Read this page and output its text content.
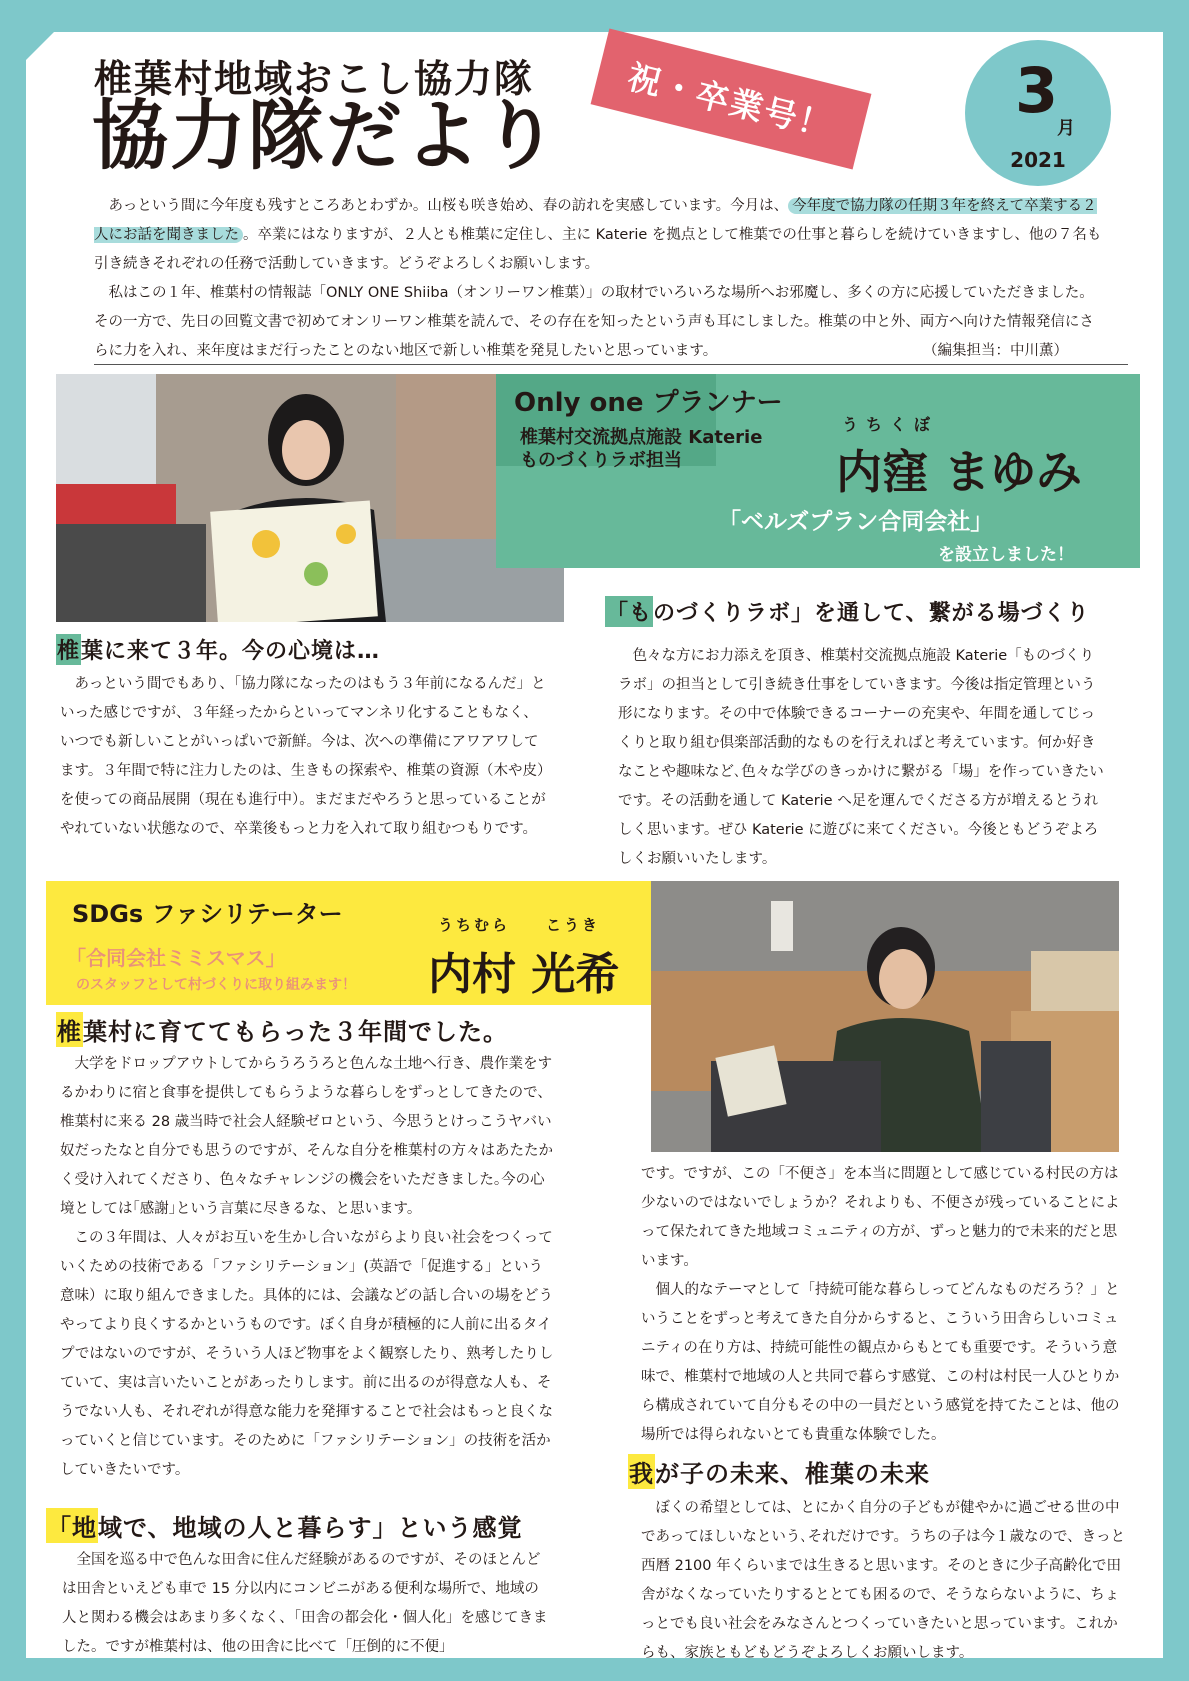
椎葉村地域おこし協力隊
協力隊だより 祝・卒業号！	3
月
2021

あっという間に今年度も残すところあとわずか。山桜も咲き始め、春の訪れを実感しています。今月は、 今年度で協力隊の任期３年を終えて卒業する２人にお話を聞きました 。卒業にはなりますが、２人とも椎葉に定住し、主に Katerie を拠点として椎葉での仕事と暮らしを続けていきますし、他の７名も引き続きそれぞれの任務で活動していきます。どうぞよろしくお願いします。

私はこの１年、椎葉村の情報誌「ONLY ONE Shiiba（オンリーワン椎葉）」の取材でいろいろな場所へお邪魔し、多くの方に応援していただきました。その一方で、先日の回覧文書で初めてオンリーワン椎葉を読んで、その存在を知ったという声も耳にしました。椎葉の中と外、両方へ向けた情報発信にさらに力を入れ、来年度はまだ行ったことのない地区で新しい椎葉を発見したいと思っています。	（編集担当：中川薫）

Only one プランナー
椎葉村交流拠点施設 Katerie
ものづくりラボ担当
うちくぼ
内窪 まゆみ
「ベルズプラン合同会社」
を設立しました！
椎葉に来て３年。今の心境は…

あっという間でもあり、「協力隊になったのはもう３年前になるんだ」といった感じですが、３年経ったからといってマンネリ化することもなく、いつでも新しいことがいっぱいで新鮮。今は、次への準備にアワアワしてます。３年間で特に注力したのは、生きもの探索や、椎葉の資源（木や皮）を使っての商品展開（現在も進行中）。まだまだやろうと思っていることがやれていない状態なので、卒業後もっと力を入れて取り組むつもりです。

「ものづくりラボ」を通して、繋がる場づくり

色々な方にお力添えを頂き、椎葉村交流拠点施設 Katerie「ものづくりラボ」の担当として引き続き仕事をしていきます。今後は指定管理という形になります。その中で体験できるコーナーの充実や、年間を通してじっくりと取り組む倶楽部活動的なものを行えればと考えています。何か好きなことや趣味など､色々な学びのきっかけに繋がる「場」を作っていきたいです。その活動を通して Katerie へ足を運んでくださる方が増えるとうれしく思います。ぜひ Katerie に遊びに来てください。今後ともどうぞよろしくお願いいたします。

SDGs ファシリテーター
「合同会社ミミスマス」
のスタッフとして村づくりに取り組みます！
うちむら こうき
内村 光希
椎葉村に育ててもらった３年間でした。

大学をドロップアウトしてからうろうろと色んな土地へ行き、農作業をするかわりに宿と食事を提供してもらうような暮らしをずっとしてきたので、椎葉村に来る 28 歳当時で社会人経験ゼロという、今思うとけっこうヤバい奴だったなと自分でも思うのですが、そんな自分を椎葉村の方々はあたたかく受け入れてくださり、色々なチャレンジの機会をいただきました｡今の心境としては｢感謝｣という言葉に尽きるな、と思います。

この３年間は、人々がお互いを生かし合いながらより良い社会をつくっていくための技術である「ファシリテーション」(英語で「促進する」という意味）に取り組んできました。具体的には、会議などの話し合いの場をどうやってより良くするかというものです。ぼく自身が積極的に人前に出るタイプではないのですが、そういう人ほど物事をよく観察したり、熟考したりしていて、実は言いたいことがあったりします。前に出るのが得意な人も、そうでない人も、それぞれが得意な能力を発揮することで社会はもっと良くなっていくと信じています。そのために「ファシリテーション」の技術を活かしていきたいです。

「地域で、地域の人と暮らす」という感覚

全国を巡る中で色んな田舎に住んだ経験があるのですが、そのほとんどは田舎といえども車で 15 分以内にコンビニがある便利な場所で、地域の人と関わる機会はあまり多くなく、「田舎の都会化・個人化」を感じてきました。ですが椎葉村は、他の田舎に比べて「圧倒的に不便」

です。ですが、この「不便さ」を本当に問題として感じている村民の方は少ないのではないでしょうか？それよりも、不便さが残っていることによって保たれてきた地域コミュニティの方が、ずっと魅力的で未来的だと思います。

個人的なテーマとして「持続可能な暮らしってどんなものだろう？」ということをずっと考えてきた自分からすると、こういう田舎らしいコミュニティの在り方は、持続可能性の観点からもとても重要です。そういう意味で、椎葉村で地域の人と共同で暮らす感覚、この村は村民一人ひとりから構成されていて自分もその中の一員だという感覚を持てたことは、他の場所では得られないとても貴重な体験でした。

我が子の未来、椎葉の未来

ぼくの希望としては、とにかく自分の子どもが健やかに過ごせる世の中であってほしいなという､それだけです。うちの子は今１歳なので、きっと西暦 2100 年くらいまでは生きると思います。そのときに少子高齢化で田舎がなくなっていたりするととても困るので、そうならないように、ちょっとでも良い社会をみなさんとつくっていきたいと思っています。これからも、家族ともどもどうぞよろしくお願いします。
